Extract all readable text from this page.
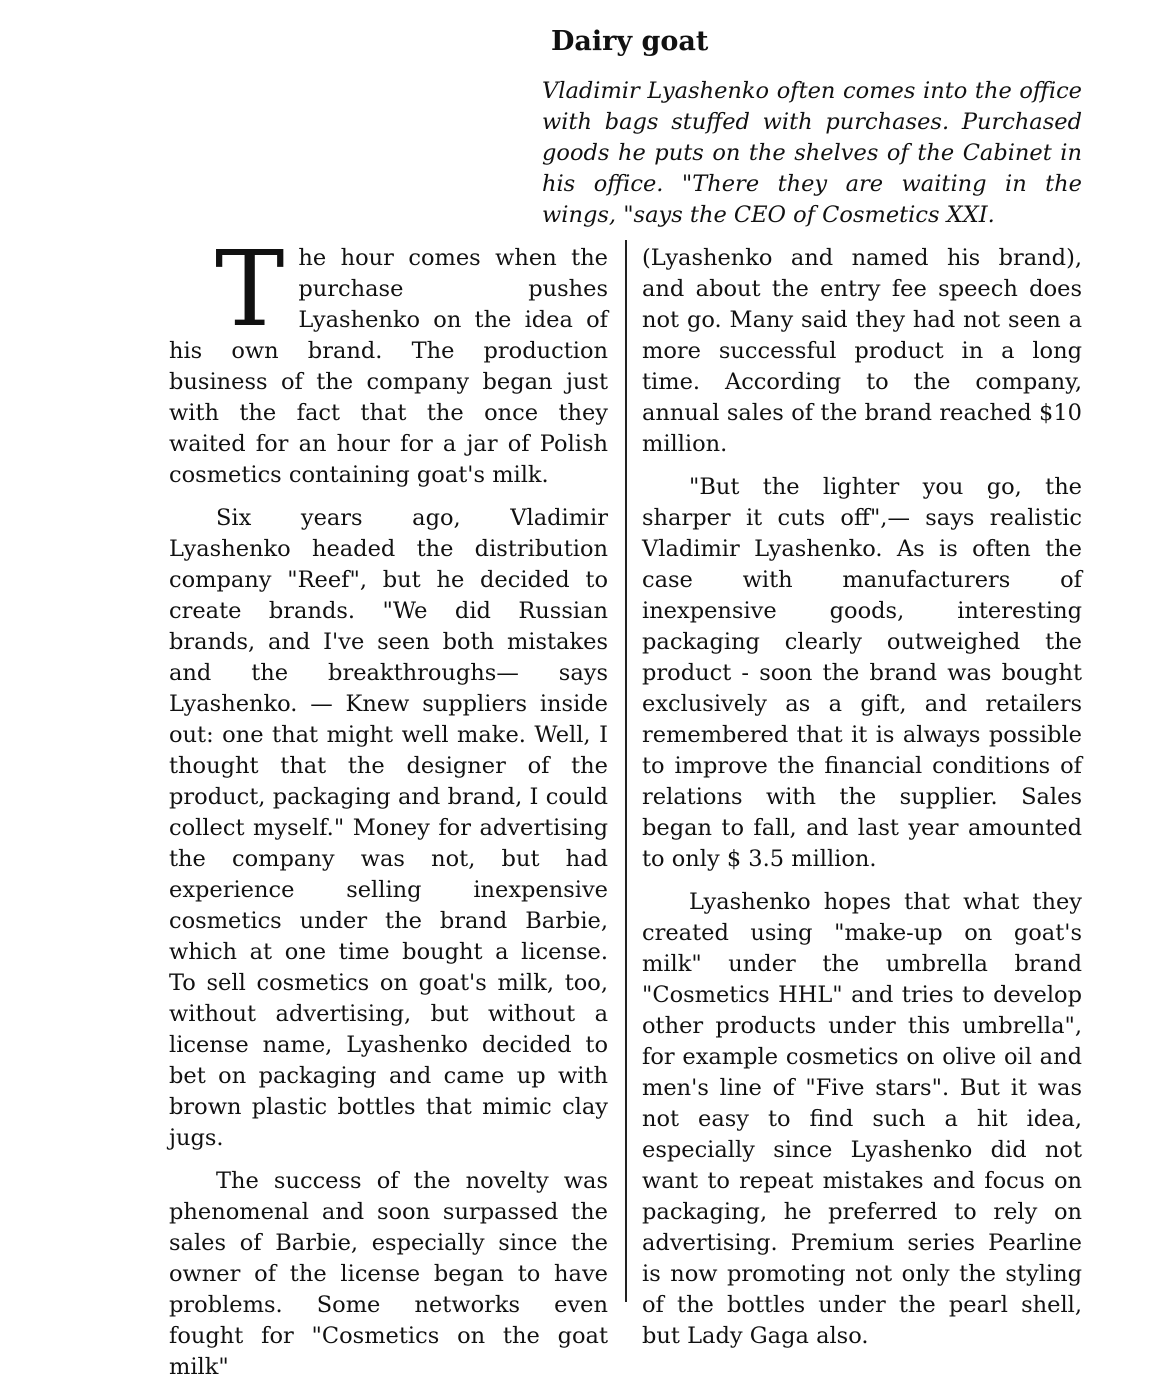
Dairy goat

Vladimir Lyashenko often comes into the office with bags stuffed with purchases. Purchased goods he puts on the shelves of the Cabinet in his office. "There they are waiting in the wings, "says the CEO of Cosmetics XXI.

The hour comes when the purchase pushes Lyashenko on the idea of his own brand. The production business of the company began just with the fact that the once they waited for an hour for a jar of Polish cosmetics containing goat's milk.

Six years ago, Vladimir Lyashenko headed the distribution company "Reef", but he decided to create brands. "We did Russian brands, and I've seen both mistakes and the breakthroughs— says Lyashenko. — Knew suppliers inside out: one that might well make. Well, I thought that the designer of the product, packaging and brand, I could collect myself." Money for advertising the company was not, but had experience selling inexpensive cosmetics under the brand Barbie, which at one time bought a license. To sell cosmetics on goat's milk, too, without advertising, but without a license name, Lyashenko decided to bet on packaging and came up with brown plastic bottles that mimic clay jugs.

The success of the novelty was phenomenal and soon surpassed the sales of Barbie, especially since the owner of the license began to have problems. Some networks even fought for "Cosmetics on the goat milk"

(Lyashenko and named his brand), and about the entry fee speech does not go. Many said they had not seen a more successful product in a long time. According to the company, annual sales of the brand reached $10 million.

"But the lighter you go, the sharper it cuts off",— says realistic Vladimir Lyashenko. As is often the case with manufacturers of inexpensive goods, interesting packaging clearly outweighed the product - soon the brand was bought exclusively as a gift, and retailers remembered that it is always possible to improve the financial conditions of relations with the supplier. Sales began to fall, and last year amounted to only $ 3.5 million.

Lyashenko hopes that what they created using "make-up on goat's milk" under the umbrella brand "Cosmetics HHL" and tries to develop other products under this umbrella", for example cosmetics on olive oil and men's line of "Five stars". But it was not easy to find such a hit idea, especially since Lyashenko did not want to repeat mistakes and focus on packaging, he preferred to rely on advertising. Premium series Pearline is now promoting not only the styling of the bottles under the pearl shell, but Lady Gaga also.
